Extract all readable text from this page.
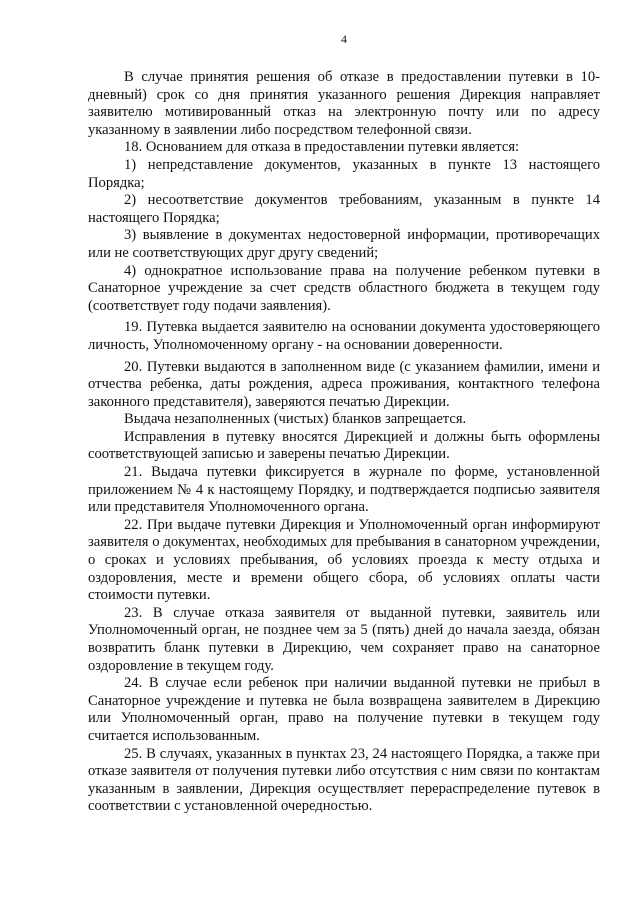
4

В случае принятия решения об отказе в предоставлении путевки в 10-дневный) срок со дня принятия указанного решения Дирекция направляет заявителю мотивированный отказ на электронную почту или по адресу указанному в заявлении либо посредством телефонной связи.

18. Основанием для отказа в предоставлении путевки является:

1) непредставление документов, указанных в пункте 13 настоящего Порядка;

2) несоответствие документов требованиям, указанным в пункте 14 настоящего Порядка;

3) выявление в документах недостоверной информации, противоречащих или не соответствующих друг другу сведений;

4) однократное использование права на получение ребенком путевки в Санаторное учреждение за счет средств областного бюджета в текущем году (соответствует году подачи заявления).

19. Путевка выдается заявителю на основании документа удостоверяющего личность, Уполномоченному органу - на основании доверенности.

20. Путевки выдаются в заполненном виде (с указанием фамилии, имени и отчества ребенка, даты рождения, адреса проживания, контактного телефона законного представителя), заверяются печатью Дирекции.

Выдача незаполненных (чистых) бланков запрещается.

Исправления в путевку вносятся Дирекцией и должны быть оформлены соответствующей записью и заверены печатью Дирекции.

21. Выдача путевки фиксируется в журнале по форме, установленной приложением № 4 к настоящему Порядку, и подтверждается подписью заявителя или представителя Уполномоченного органа.

22. При выдаче путевки Дирекция и Уполномоченный орган информируют заявителя о документах, необходимых для пребывания в санаторном учреждении, о сроках и условиях пребывания, об условиях проезда к месту отдыха и оздоровления, месте и времени общего сбора, об условиях оплаты части стоимости путевки.

23. В случае отказа заявителя от выданной путевки, заявитель или Уполномоченный орган, не позднее чем за 5 (пять) дней до начала заезда, обязан возвратить бланк путевки в Дирекцию, чем сохраняет право на санаторное оздоровление в текущем году.

24. В случае если ребенок при наличии выданной путевки не прибыл в Санаторное учреждение и путевка не была возвращена заявителем в Дирекцию или Уполномоченный орган, право на получение путевки в текущем году считается использованным.

25. В случаях, указанных в пунктах 23, 24 настоящего Порядка, а также при отказе заявителя от получения путевки либо отсутствия с ним связи по контактам указанным в заявлении, Дирекция осуществляет перераспределение путевок в соответствии с установленной очередностью.
